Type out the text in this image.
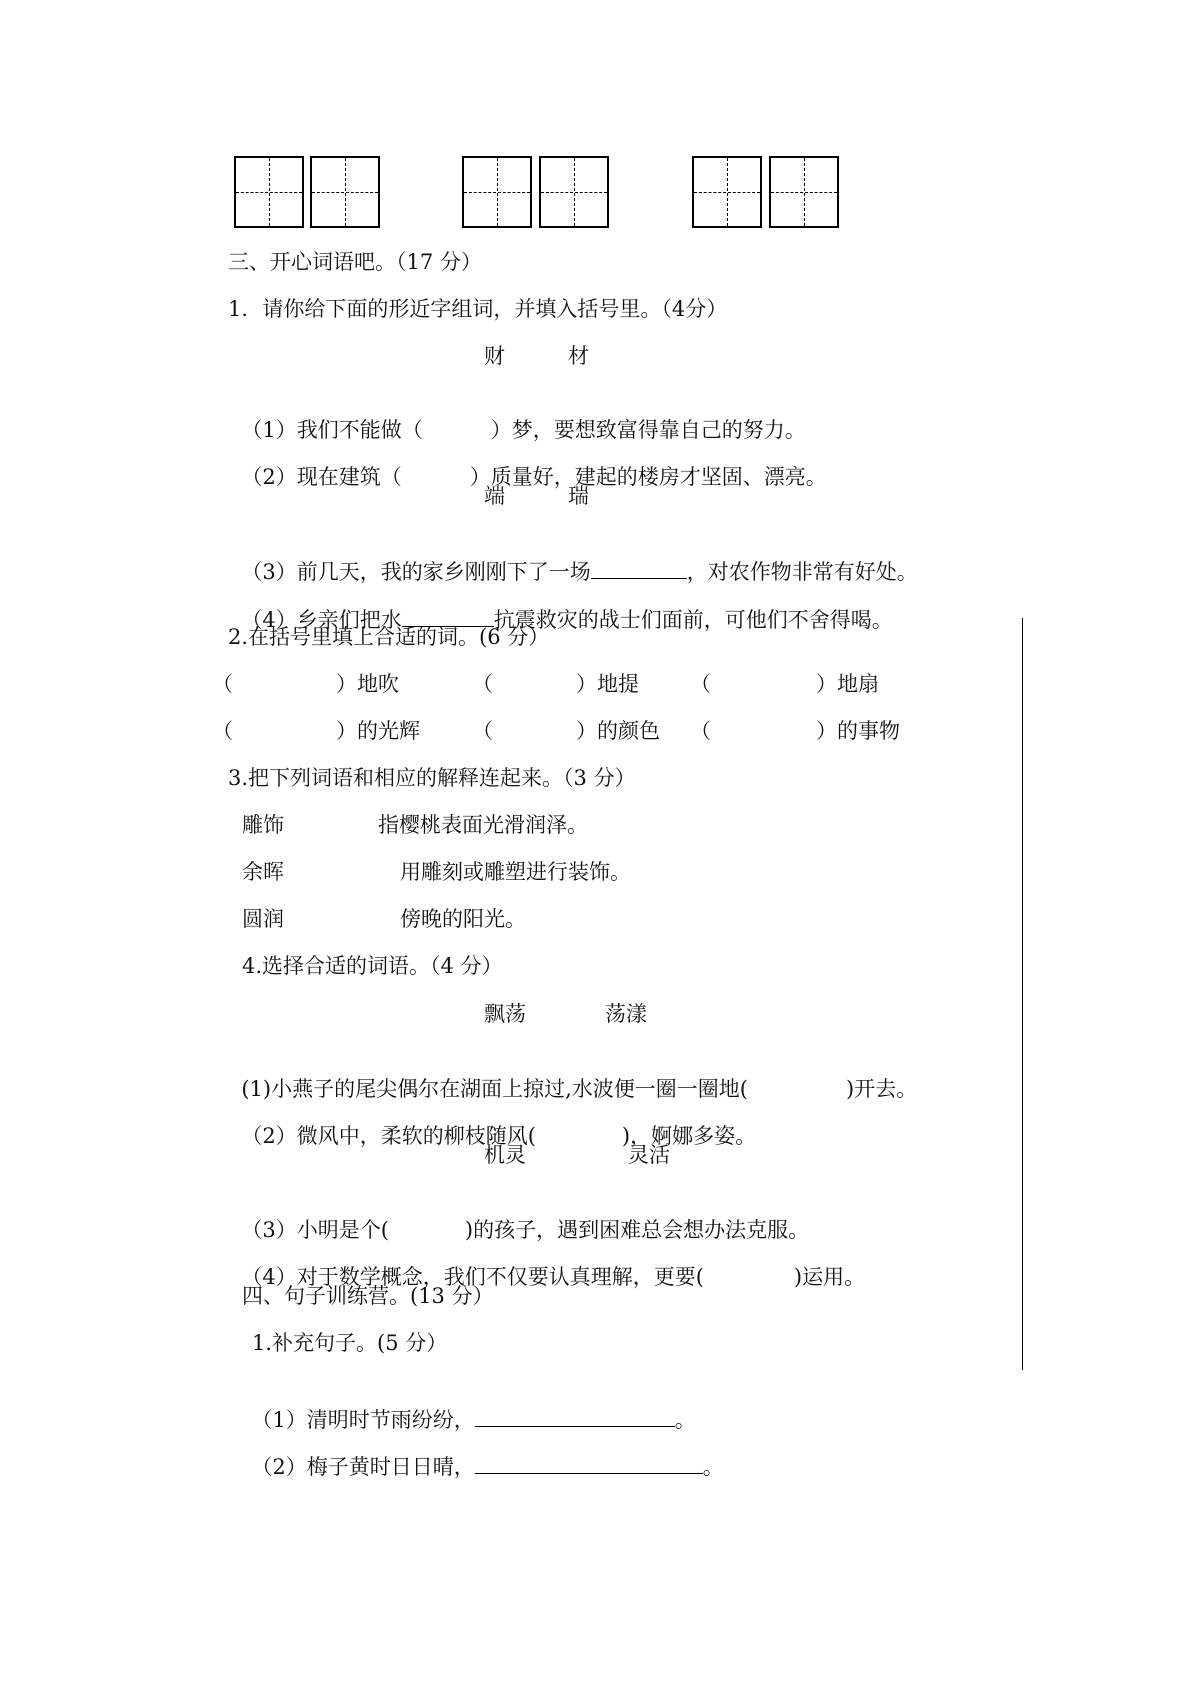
三、开心词语吧。（17 分）
1．请你给下面的形近字组词，并填入括号里。（4分）
财	材

（1）我们不能做（	）梦，要想致富得靠自己的努力。

（2）现在建筑（	）质量好，建起的楼房才坚固、漂亮。

端	瑞

（3）前几天，我的家乡刚刚下了一场	，对农作物非常有好处。

（4）乡亲们把水	抗震救灾的战士们面前，可他们不舍得喝。

2.在括号里填上合适的词。(6 分）
（	）地吹	（	）地提 （	）地扇
（	）的光辉 （	）的颜色 （	）的事物
3.把下列词语和相应的解释连起来。（3 分）
雕饰	指樱桃表面光滑润泽。
余晖	用雕刻或雕塑进行装饰。
圆润	傍晚的阳光。
4.选择合适的词语。（4 分）
飘荡	荡漾

(1)小燕子的尾尖偶尔在湖面上掠过,水波便一圈一圈地(	)开去。

（2）微风中，柔软的柳枝随风(	)，婀娜多姿。

机灵	灵活

（3）小明是个(	)的孩子，遇到困难总会想办法克服。

（4）对于数学概念，我们不仅要认真理解，更要(	)运用。

四、句子训练营。(13 分）
1.补充句子。(5 分）

（1）清明时节雨纷纷，	。

（2）梅子黄时日日晴，	。
